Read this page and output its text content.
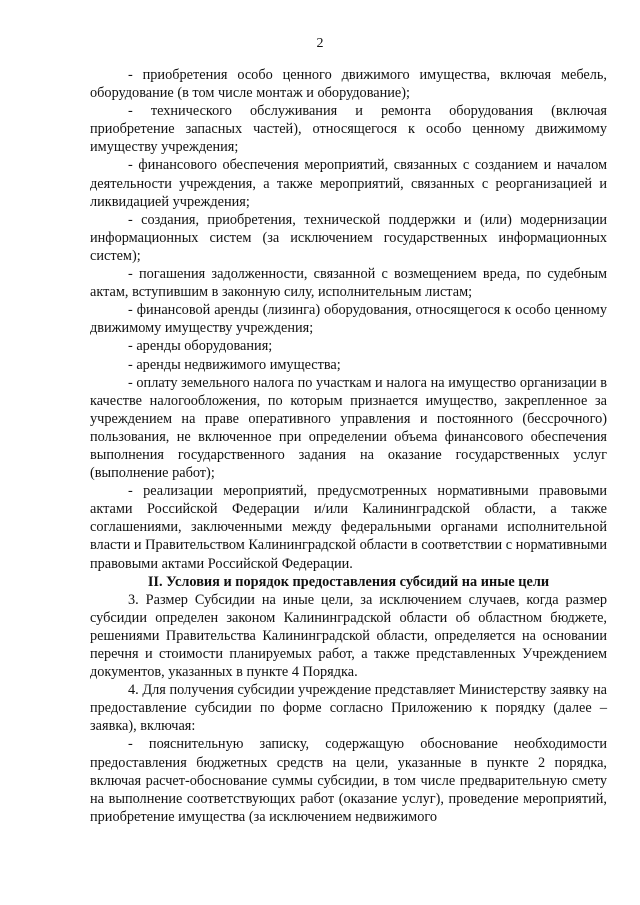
2

- приобретения особо ценного движимого имущества, включая мебель, оборудование (в том числе монтаж и оборудование);

- технического обслуживания и ремонта оборудования (включая приобретение запасных частей), относящегося к особо ценному движимому имуществу учреждения;

- финансового обеспечения мероприятий, связанных с созданием и началом деятельности учреждения, а также мероприятий, связанных с реорганизацией и ликвидацией учреждения;

- создания, приобретения, технической поддержки и (или) модернизации информационных систем (за исключением государственных информационных систем);

- погашения задолженности, связанной с возмещением вреда, по судебным актам, вступившим в законную силу, исполнительным листам;

- финансовой аренды (лизинга) оборудования, относящегося к особо ценному движимому имуществу учреждения;

- аренды оборудования;

- аренды недвижимого имущества;

- оплату земельного налога по участкам и налога на имущество организации в качестве налогообложения, по которым признается имущество, закрепленное за учреждением на праве оперативного управления и постоянного (бессрочного) пользования, не включенное при определении объема финансового обеспечения выполнения государственного задания на оказание государственных услуг (выполнение работ);

- реализации мероприятий, предусмотренных нормативными правовыми актами Российской Федерации и/или Калининградской области, а также соглашениями, заключенными между федеральными органами исполнительной власти и Правительством Калининградской области в соответствии с нормативными правовыми актами Российской Федерации.

II. Условия и порядок предоставления субсидий на иные цели

3. Размер Субсидии на иные цели, за исключением случаев, когда размер субсидии определен законом Калининградской области об областном бюджете, решениями Правительства Калининградской области, определяется на основании перечня и стоимости планируемых работ, а также представленных Учреждением документов, указанных в пункте 4 Порядка.

4. Для получения субсидии учреждение представляет Министерству заявку на предоставление субсидии по форме согласно Приложению к порядку (далее – заявка), включая:

- пояснительную записку, содержащую обоснование необходимости предоставления бюджетных средств на цели, указанные в пункте 2 порядка, включая расчет-обоснование суммы субсидии, в том числе предварительную смету на выполнение соответствующих работ (оказание услуг), проведение мероприятий, приобретение имущества (за исключением недвижимого
